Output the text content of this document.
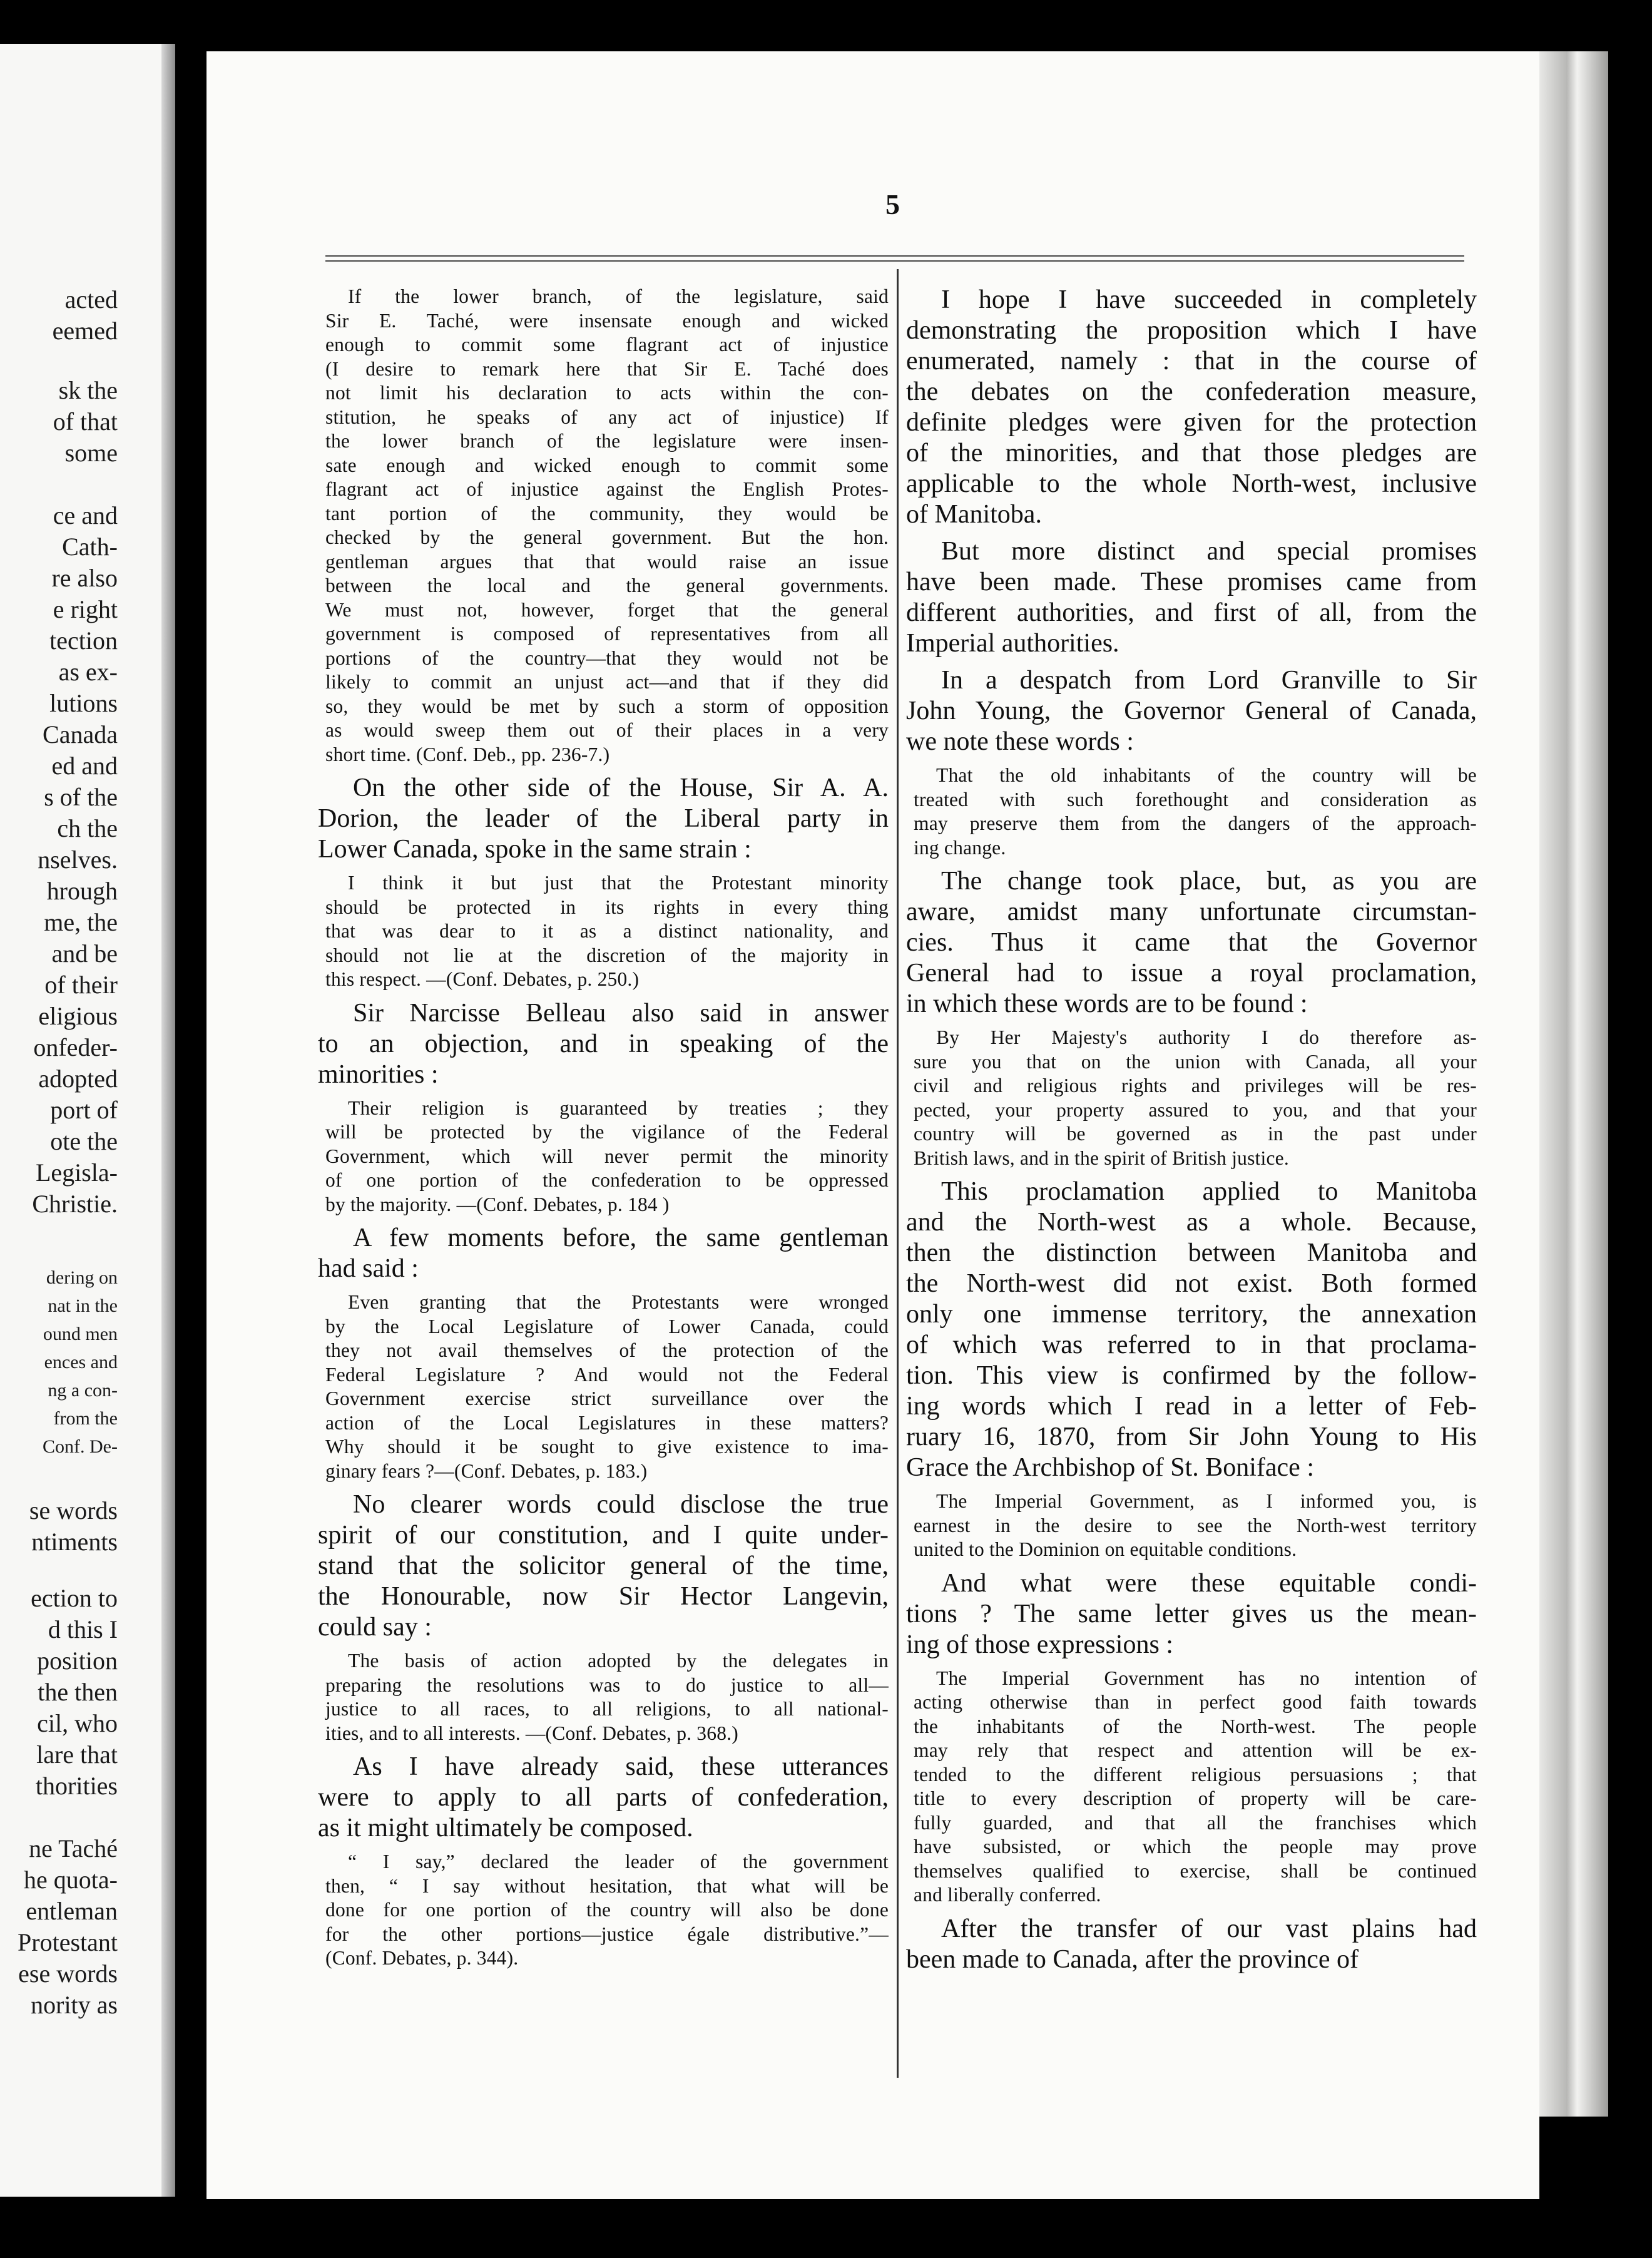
acted
eemed
sk the
of that
some
ce and
Cath-
re also
e right
tection
as ex-
lutions
Canada
ed and
s of the
ch the
nselves.
hrough
me, the
and be
of their
eligious
onfeder-
adopted
port of
ote the
Legisla-
Christie.
dering on
nat in the
ound men
ences and
ng a con-
from the
Conf. De-
se words
ntiments
ection to
d this I
position
the then
cil, who
lare that
thorities
ne Taché
he quota-
entleman
Protestant
ese words
nority as
5
If the lower branch, of the legislature, said
Sir E. Taché, were insensate enough and wicked
enough to commit some flagrant act of injustice
(I desire to remark here that Sir E. Taché does
not limit his declaration to acts within the con-
stitution, he speaks of any act of injustice) If
the lower branch of the legislature were insen-
sate enough and wicked enough to commit some
flagrant act of injustice against the English Protes-
tant portion of the community, they would be
checked by the general government. But the hon.
gentleman argues that that would raise an issue
between the local and the general governments.
We must not, however, forget that the general
government is composed of representatives from all
portions of the country—that they would not be
likely to commit an unjust act—and that if they did
so, they would be met by such a storm of opposition
as would sweep them out of their places in a very
short time. (Conf. Deb., pp. 236-7.)
On the other side of the House, Sir A. A.
Dorion, the leader of the Liberal party in
Lower Canada, spoke in the same strain :
I think it but just that the Protestant minority
should be protected in its rights in every thing
that was dear to it as a distinct nationality, and
should not lie at the discretion of the majority in
this respect. —(Conf. Debates, p. 250.)
Sir Narcisse Belleau also said in answer
to an objection, and in speaking of the
minorities :
Their religion is guaranteed by treaties ; they
will be protected by the vigilance of the Federal
Government, which will never permit the minority
of one portion of the confederation to be oppressed
by the majority. —(Conf. Debates, p. 184 )
A few moments before, the same gentleman
had said :
Even granting that the Protestants were wronged
by the Local Legislature of Lower Canada, could
they not avail themselves of the protection of the
Federal Legislature ? And would not the Federal
Government exercise strict surveillance over the
action of the Local Legislatures in these matters?
Why should it be sought to give existence to ima-
ginary fears ?—(Conf. Debates, p. 183.)
No clearer words could disclose the true
spirit of our constitution, and I quite under-
stand that the solicitor general of the time,
the Honourable, now Sir Hector Langevin,
could say :
The basis of action adopted by the delegates in
preparing the resolutions was to do justice to all—
justice to all races, to all religions, to all national-
ities, and to all interests. —(Conf. Debates, p. 368.)
As I have already said, these utterances
were to apply to all parts of confederation,
as it might ultimately be composed.
“ I say,” declared the leader of the government
then, “ I say without hesitation, that what will be
done for one portion of the country will also be done
for the other portions—justice égale distributive.”—
(Conf. Debates, p. 344).
I hope I have succeeded in completely
demonstrating the proposition which I have
enumerated, namely : that in the course of
the debates on the confederation measure,
definite pledges were given for the protection
of the minorities, and that those pledges are
applicable to the whole North-west, inclusive
of Manitoba.
But more distinct and special promises
have been made. These promises came from
different authorities, and first of all, from the
Imperial authorities.
In a despatch from Lord Granville to Sir
John Young, the Governor General of Canada,
we note these words :
That the old inhabitants of the country will be
treated with such forethought and consideration as
may preserve them from the dangers of the approach-
ing change.
The change took place, but, as you are
aware, amidst many unfortunate circumstan-
cies. Thus it came that the Governor
General had to issue a royal proclamation,
in which these words are to be found :
By Her Majesty's authority I do therefore as-
sure you that on the union with Canada, all your
civil and religious rights and privileges will be res-
pected, your property assured to you, and that your
country will be governed as in the past under
British laws, and in the spirit of British justice.
This proclamation applied to Manitoba
and the North-west as a whole. Because,
then the distinction between Manitoba and
the North-west did not exist. Both formed
only one immense territory, the annexation
of which was referred to in that proclama-
tion. This view is confirmed by the follow-
ing words which I read in a letter of Feb-
ruary 16, 1870, from Sir John Young to His
Grace the Archbishop of St. Boniface :
The Imperial Government, as I informed you, is
earnest in the desire to see the North-west territory
united to the Dominion on equitable conditions.
And what were these equitable condi-
tions ? The same letter gives us the mean-
ing of those expressions :
The Imperial Government has no intention of
acting otherwise than in perfect good faith towards
the inhabitants of the North-west. The people
may rely that respect and attention will be ex-
tended to the different religious persuasions ; that
title to every description of property will be care-
fully guarded, and that all the franchises which
have subsisted, or which the people may prove
themselves qualified to exercise, shall be continued
and liberally conferred.
After the transfer of our vast plains had
been made to Canada, after the province of
